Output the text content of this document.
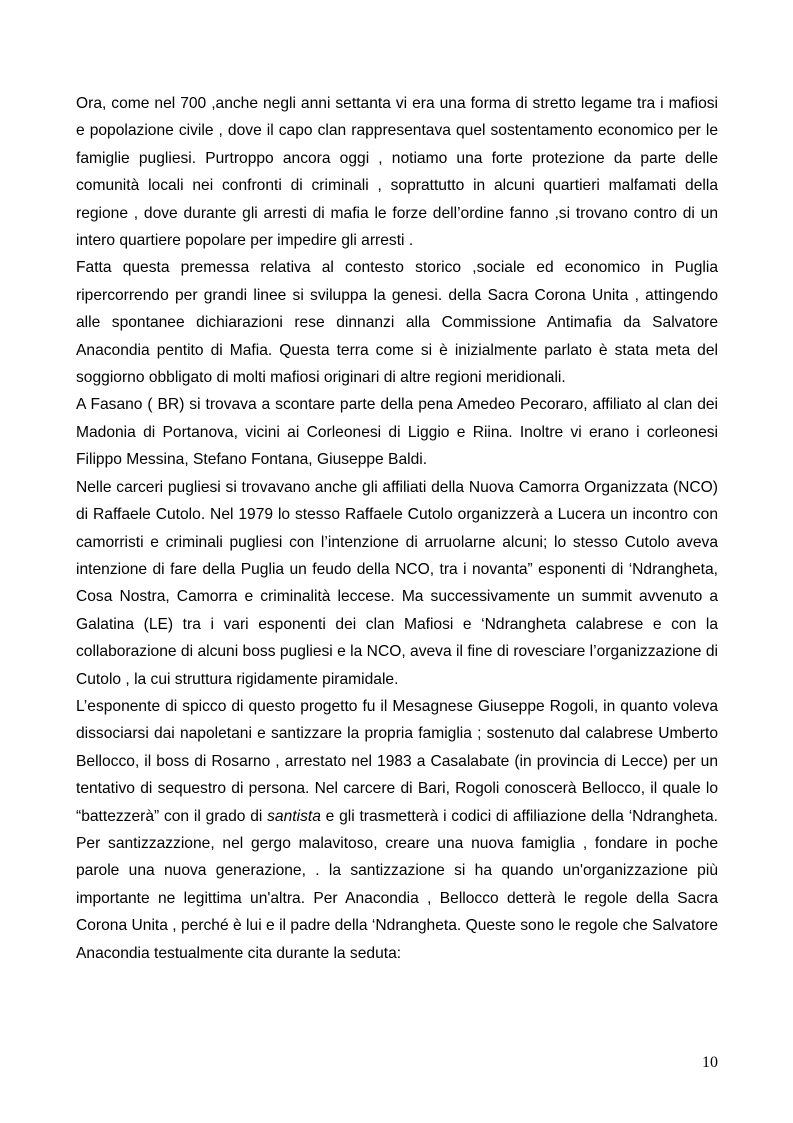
Ora, come nel 700 ,anche negli anni settanta vi era una forma di stretto legame tra i mafiosi e popolazione civile , dove il capo clan rappresentava quel sostentamento economico per le famiglie pugliesi. Purtroppo ancora oggi , notiamo una forte protezione da parte delle comunità locali nei confronti di criminali , soprattutto in alcuni quartieri malfamati della regione , dove durante gli arresti di mafia le forze dell’ordine fanno ,si trovano contro di un intero quartiere popolare per impedire gli arresti .

Fatta questa premessa relativa al contesto storico ,sociale ed economico in Puglia ripercorrendo per grandi linee si sviluppa la genesi. della Sacra Corona Unita , attingendo alle spontanee dichiarazioni rese dinnanzi alla Commissione Antimafia da Salvatore Anacondia pentito di Mafia. Questa terra come si è inizialmente parlato è stata meta del soggiorno obbligato di molti mafiosi originari di altre regioni meridionali.

A Fasano ( BR) si trovava a scontare parte della pena Amedeo Pecoraro, affiliato al clan dei Madonia di Portanova, vicini ai Corleonesi di Liggio e Riina. Inoltre vi erano i corleonesi Filippo Messina, Stefano Fontana, Giuseppe Baldi.

Nelle carceri pugliesi si trovavano anche gli affiliati della Nuova Camorra Organizzata (NCO) di Raffaele Cutolo. Nel 1979 lo stesso Raffaele Cutolo organizzerà a Lucera un incontro con camorristi e criminali pugliesi con l’intenzione di arruolarne alcuni; lo stesso Cutolo aveva intenzione di fare della Puglia un feudo della NCO, tra i novanta” esponenti di ‘Ndrangheta, Cosa Nostra, Camorra e criminalità leccese. Ma successivamente un summit avvenuto a Galatina (LE) tra i vari esponenti dei clan Mafiosi e ‘Ndrangheta calabrese e con la collaborazione di alcuni boss pugliesi e la NCO, aveva il fine di rovesciare l’organizzazione di Cutolo , la cui struttura rigidamente piramidale.

L’esponente di spicco di questo progetto fu il Mesagnese Giuseppe Rogoli, in quanto voleva dissociarsi dai napoletani e santizzare la propria famiglia ; sostenuto dal calabrese Umberto Bellocco, il boss di Rosarno , arrestato nel 1983 a Casalabate (in provincia di Lecce) per un tentativo di sequestro di persona. Nel carcere di Bari, Rogoli conoscerà Bellocco, il quale lo “battezzerà” con il grado di santista e gli trasmetterà i codici di affiliazione della ‘Ndrangheta. Per santizzazzione, nel gergo malavitoso, creare una nuova famiglia , fondare in poche parole una nuova generazione, . la santizzazione si ha quando un'organizzazione più importante ne legittima un'altra. Per Anacondia , Bellocco detterà le regole della Sacra Corona Unita , perché è lui e il padre della ‘Ndrangheta. Queste sono le regole che Salvatore Anacondia testualmente cita durante la seduta:

10
